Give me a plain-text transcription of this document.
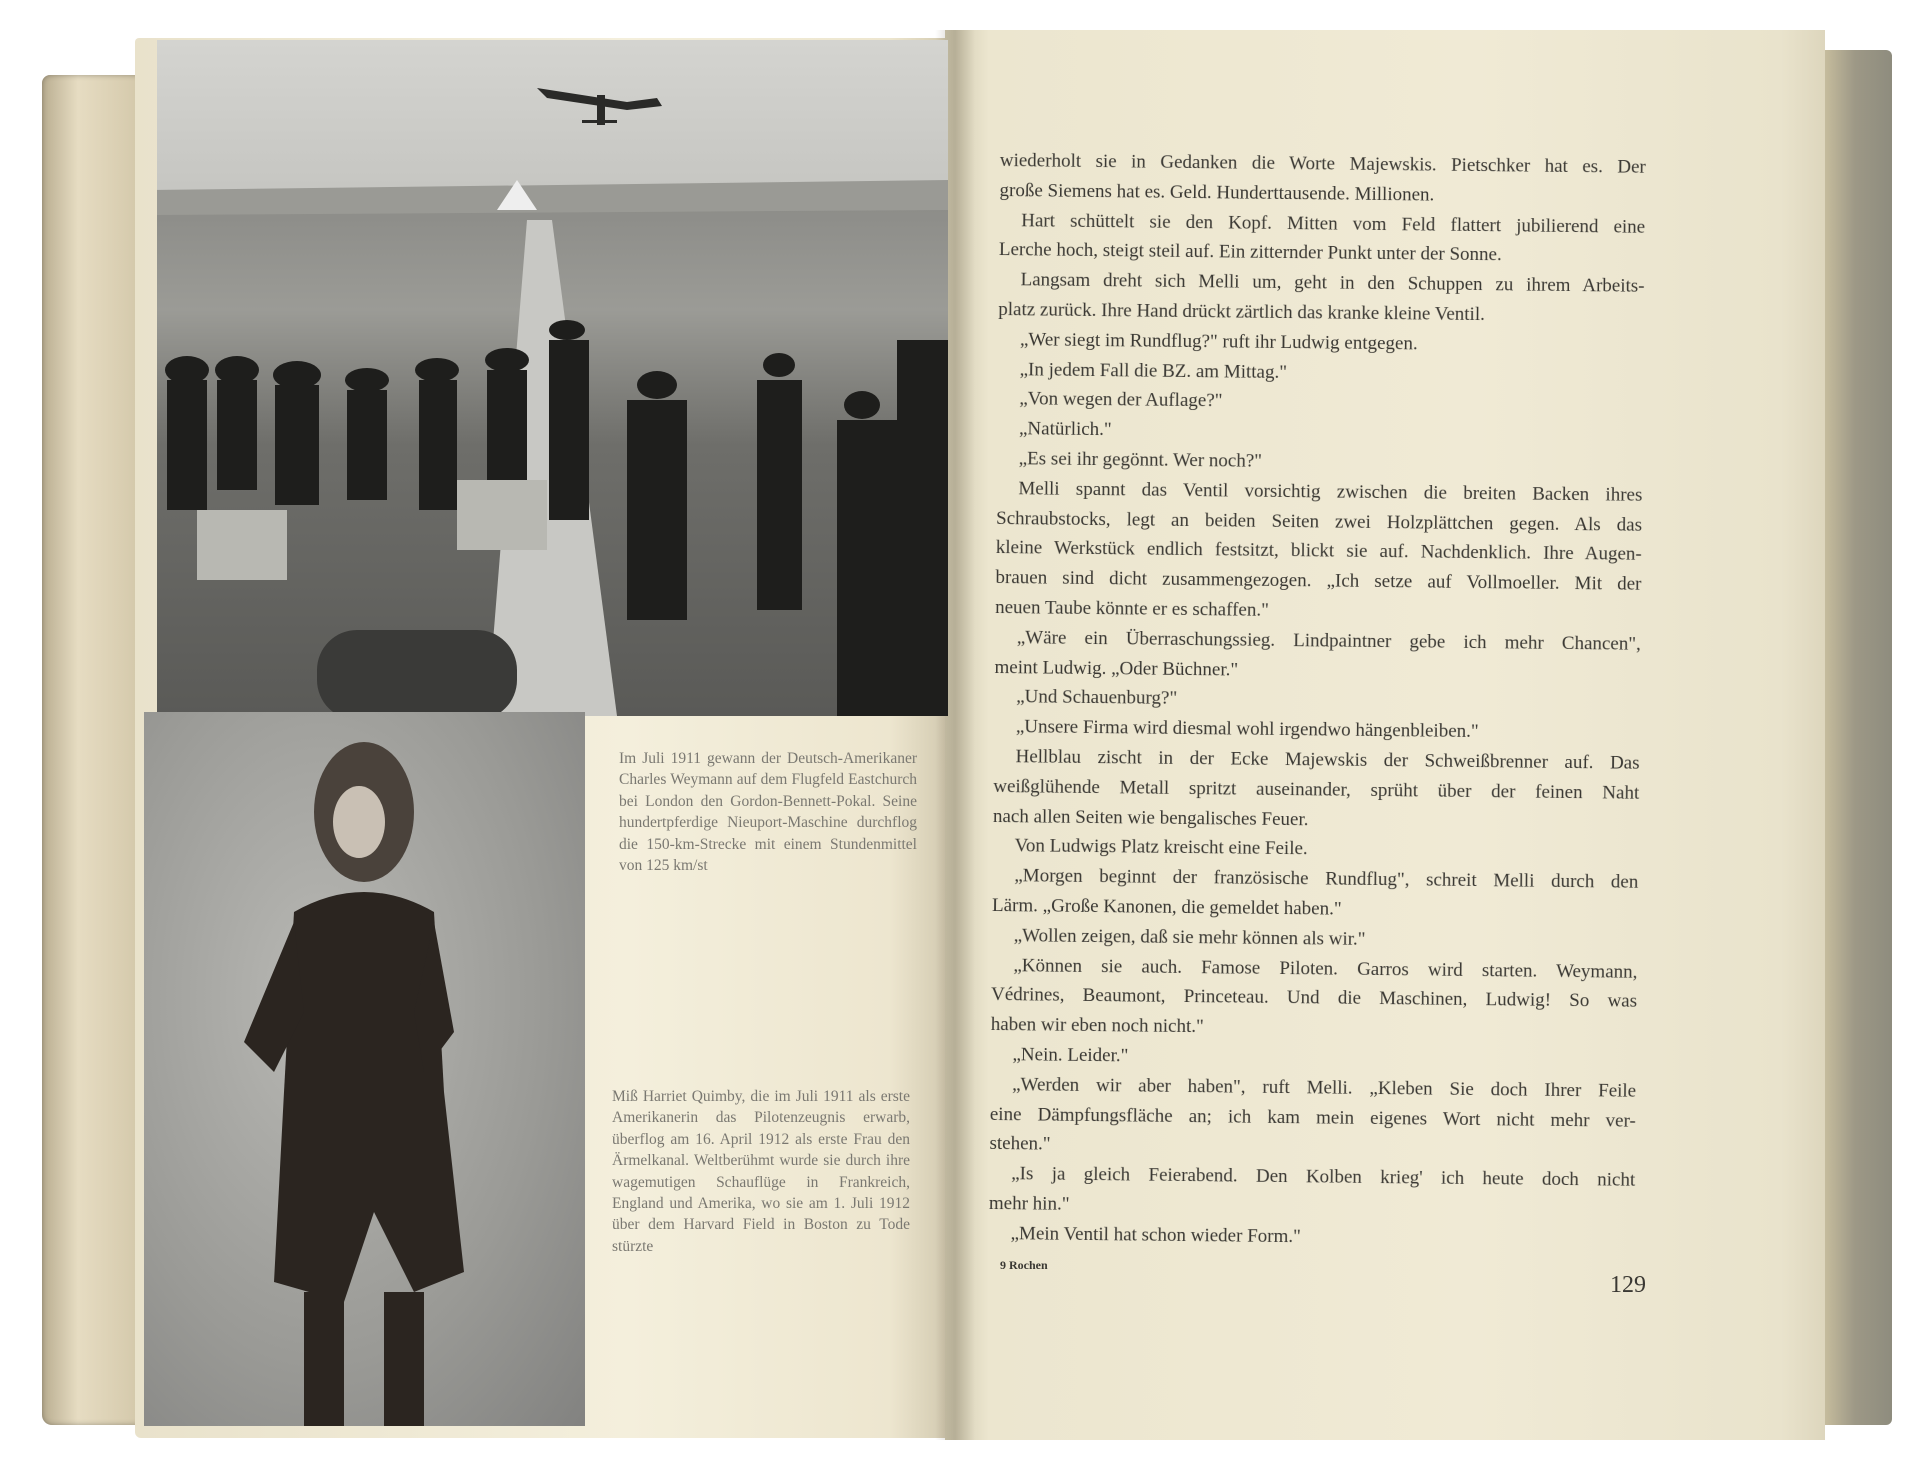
Im Juli 1911 gewann der Deutsch-Amerikaner Charles Weymann auf dem Flugfeld Eastchurch bei London den Gordon-Bennett-Pokal. Seine hundertpferdige Nieuport-Maschine durchflog die 150-km-Strecke mit einem Stundenmittel von 125 km/st
Miß Harriet Quimby, die im Juli 1911 als erste Amerikanerin das Pilotenzeugnis erwarb, überflog am 16. April 1912 als erste Frau den Ärmelkanal. Weltberühmt wurde sie durch ihre wagemutigen Schauflüge in Frankreich, England und Amerika, wo sie am 1. Juli 1912 über dem Harvard Field in Boston zu Tode stürzte
wiederholt sie in Gedanken die Worte Majewskis. Pietschker hat es. Der
große Siemens hat es. Geld. Hunderttausende. Millionen.
Hart schüttelt sie den Kopf. Mitten vom Feld flattert jubilierend eine
Lerche hoch, steigt steil auf. Ein zitternder Punkt unter der Sonne.
Langsam dreht sich Melli um, geht in den Schuppen zu ihrem Arbeits-
platz zurück. Ihre Hand drückt zärtlich das kranke kleine Ventil.
„Wer siegt im Rundflug?" ruft ihr Ludwig entgegen.
„In jedem Fall die BZ. am Mittag."
„Von wegen der Auflage?"
„Natürlich."
„Es sei ihr gegönnt. Wer noch?"
Melli spannt das Ventil vorsichtig zwischen die breiten Backen ihres
Schraubstocks, legt an beiden Seiten zwei Holzplättchen gegen. Als das
kleine Werkstück endlich festsitzt, blickt sie auf. Nachdenklich. Ihre Augen-
brauen sind dicht zusammengezogen. „Ich setze auf Vollmoeller. Mit der
neuen Taube könnte er es schaffen."
„Wäre ein Überraschungssieg. Lindpaintner gebe ich mehr Chancen",
meint Ludwig. „Oder Büchner."
„Und Schauenburg?"
„Unsere Firma wird diesmal wohl irgendwo hängenbleiben."
Hellblau zischt in der Ecke Majewskis der Schweißbrenner auf. Das
weißglühende Metall spritzt auseinander, sprüht über der feinen Naht
nach allen Seiten wie bengalisches Feuer.
Von Ludwigs Platz kreischt eine Feile.
„Morgen beginnt der französische Rundflug", schreit Melli durch den
Lärm. „Große Kanonen, die gemeldet haben."
„Wollen zeigen, daß sie mehr können als wir."
„Können sie auch. Famose Piloten. Garros wird starten. Weymann,
Védrines, Beaumont, Princeteau. Und die Maschinen, Ludwig! So was
haben wir eben noch nicht."
„Nein. Leider."
„Werden wir aber haben", ruft Melli. „Kleben Sie doch Ihrer Feile
eine Dämpfungsfläche an; ich kam mein eigenes Wort nicht mehr ver-
stehen."
„Is ja gleich Feierabend. Den Kolben krieg' ich heute doch nicht
mehr hin."
„Mein Ventil hat schon wieder Form."
9 Rochen
129
